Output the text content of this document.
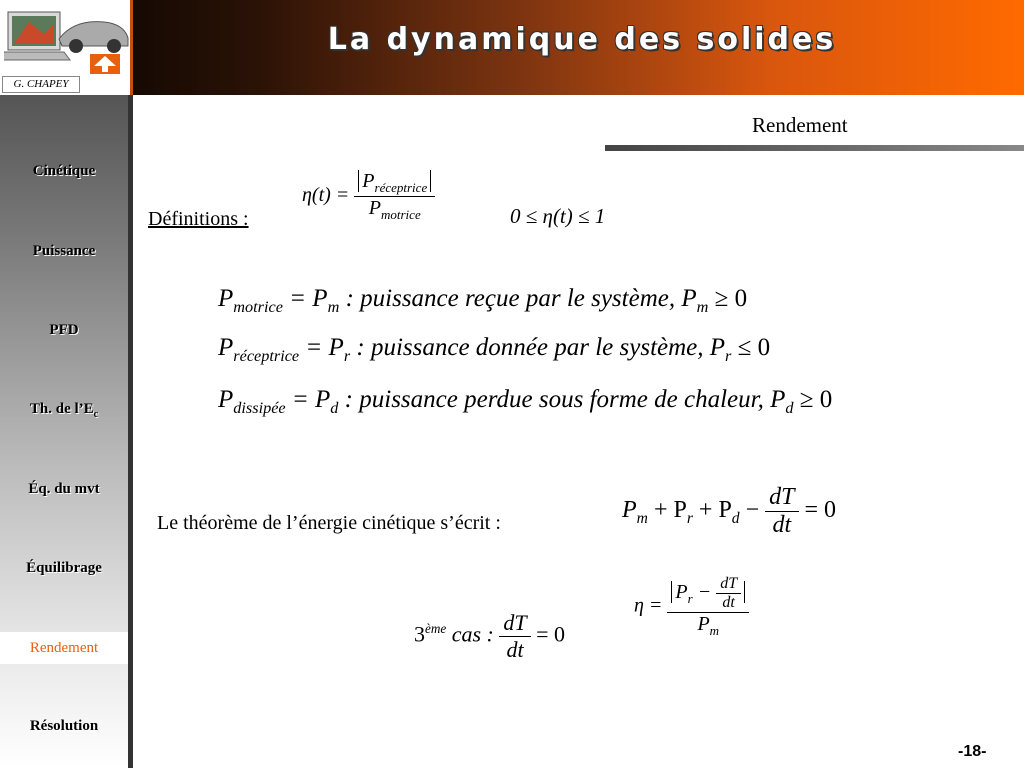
G. CHAPEY
La dynamique des solides
Cinétique
Puissance
PFD
Th. de $l’E_c$
Éq. du mvt
Équilibrage
Rendement
Résolution
Rendement
Définitions :
$\eta(t) = \frac{P_{réceptrice}}{P_{motrice}}$	0 ≤ η(t) ≤ 1
$P_{motrice} = P_m$ : puissance reçue par le système, $P_m \ge 0$
$P_{réceptrice} = P_r$ : puissance donnée par le système, $P_r \le 0$
$P_{dissipée} = P_d$ : puissance perdue sous forme de chaleur, $P_d \ge 0$
Le théorème de l’énergie cinétique s’écrit :	$P_m + P_r + P_d - \frac{dT}{dt} = 0$
3ème cas : $\frac{dT}{dt} = 0$
$\eta = \frac{P_r - \frac{dT}{dt}}{P_m}$
-18-
